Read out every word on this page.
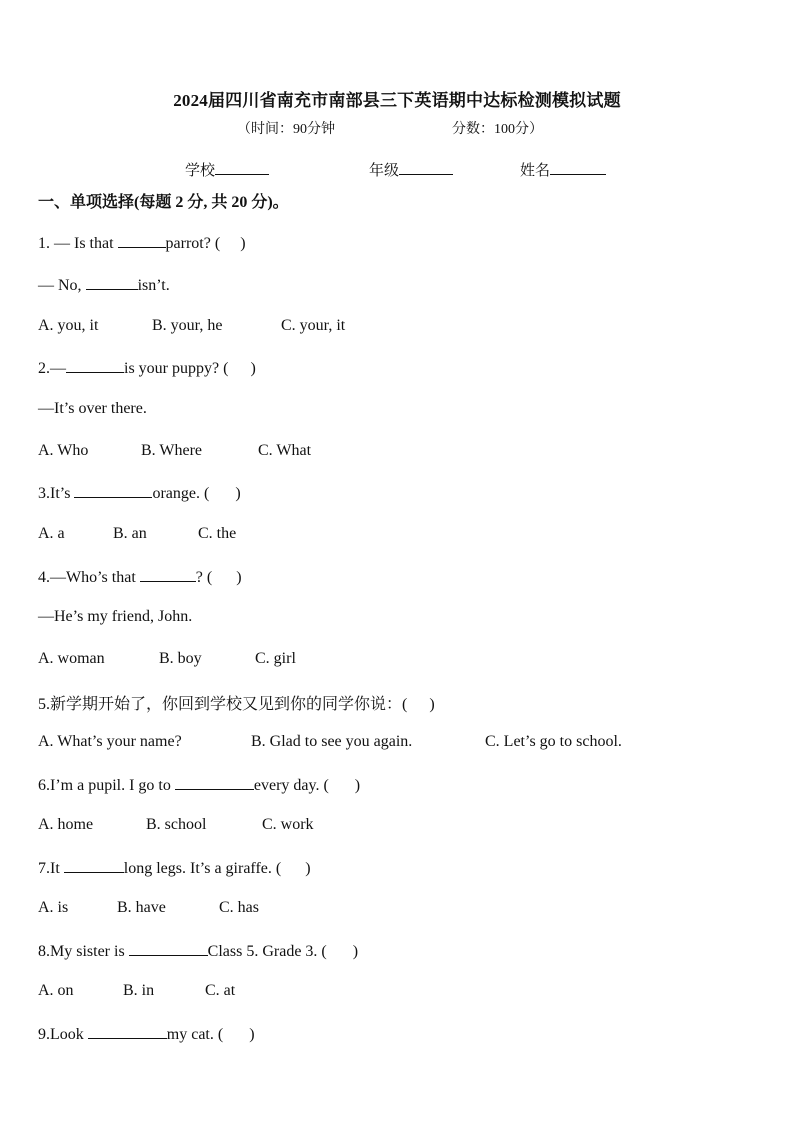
2024届四川省南充市南部县三下英语期中达标检测模拟试题
（时间：90分钟	分数：100分）
学校	年级	姓名
一、单项选择(每题 2 分, 共 20 分)。
1. — Is that	parrot? ( )
— No,	isn’t.
A. you, it	B. your, he	C. your, it
2.—	is your puppy? ( )
—It’s over there.
A. Who	B. Where	C. What
3.It’s	orange. ( )
A. a	B. an	C. the
4.—Who’s that	? ( )
—He’s my friend, John.
A. woman	B. boy	C. girl
5.新学期开始了，你回到学校又见到你的同学你说：( )
A. What’s your name?	B. Glad to see you again.	C. Let’s go to school.
6.I’m a pupil. I go to	every day. ( )
A. home	B. school	C. work
7.It	long legs. It’s a giraffe. ( )
A. is	B. have	C. has
8.My sister is	Class 5. Grade 3. ( )
A. on	B. in	C. at
9.Look	my cat. ( )
